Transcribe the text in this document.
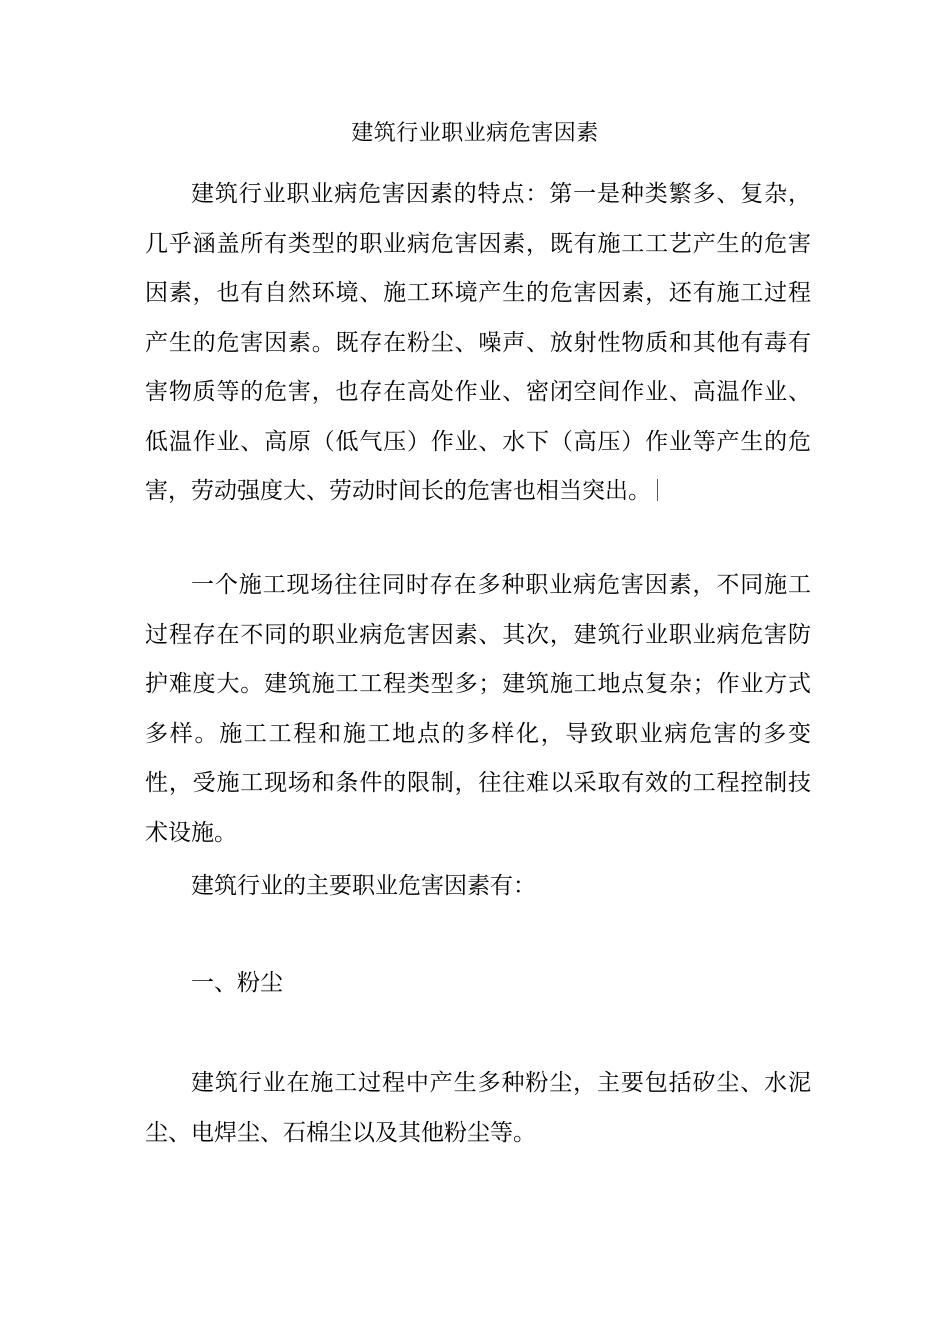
建筑行业职业病危害因素

建筑行业职业病危害因素的特点：第一是种类繁多、复杂，几乎涵盖所有类型的职业病危害因素，既有施工工艺产生的危害因素，也有自然环境、施工环境产生的危害因素，还有施工过程产生的危害因素。既存在粉尘、噪声、放射性物质和其他有毒有害物质等的危害，也存在高处作业、密闭空间作业、高温作业、低温作业、高原（低气压）作业、水下（高压）作业等产生的危害，劳动强度大、劳动时间长的危害也相当突出。

一个施工现场往往同时存在多种职业病危害因素，不同施工过程存在不同的职业病危害因素、其次，建筑行业职业病危害防护难度大。建筑施工工程类型多；建筑施工地点复杂；作业方式多样。施工工程和施工地点的多样化，导致职业病危害的多变性，受施工现场和条件的限制，往往难以采取有效的工程控制技术设施。

建筑行业的主要职业危害因素有：
一、粉尘

建筑行业在施工过程中产生多种粉尘，主要包括矽尘、水泥尘、电焊尘、石棉尘以及其他粉尘等。
